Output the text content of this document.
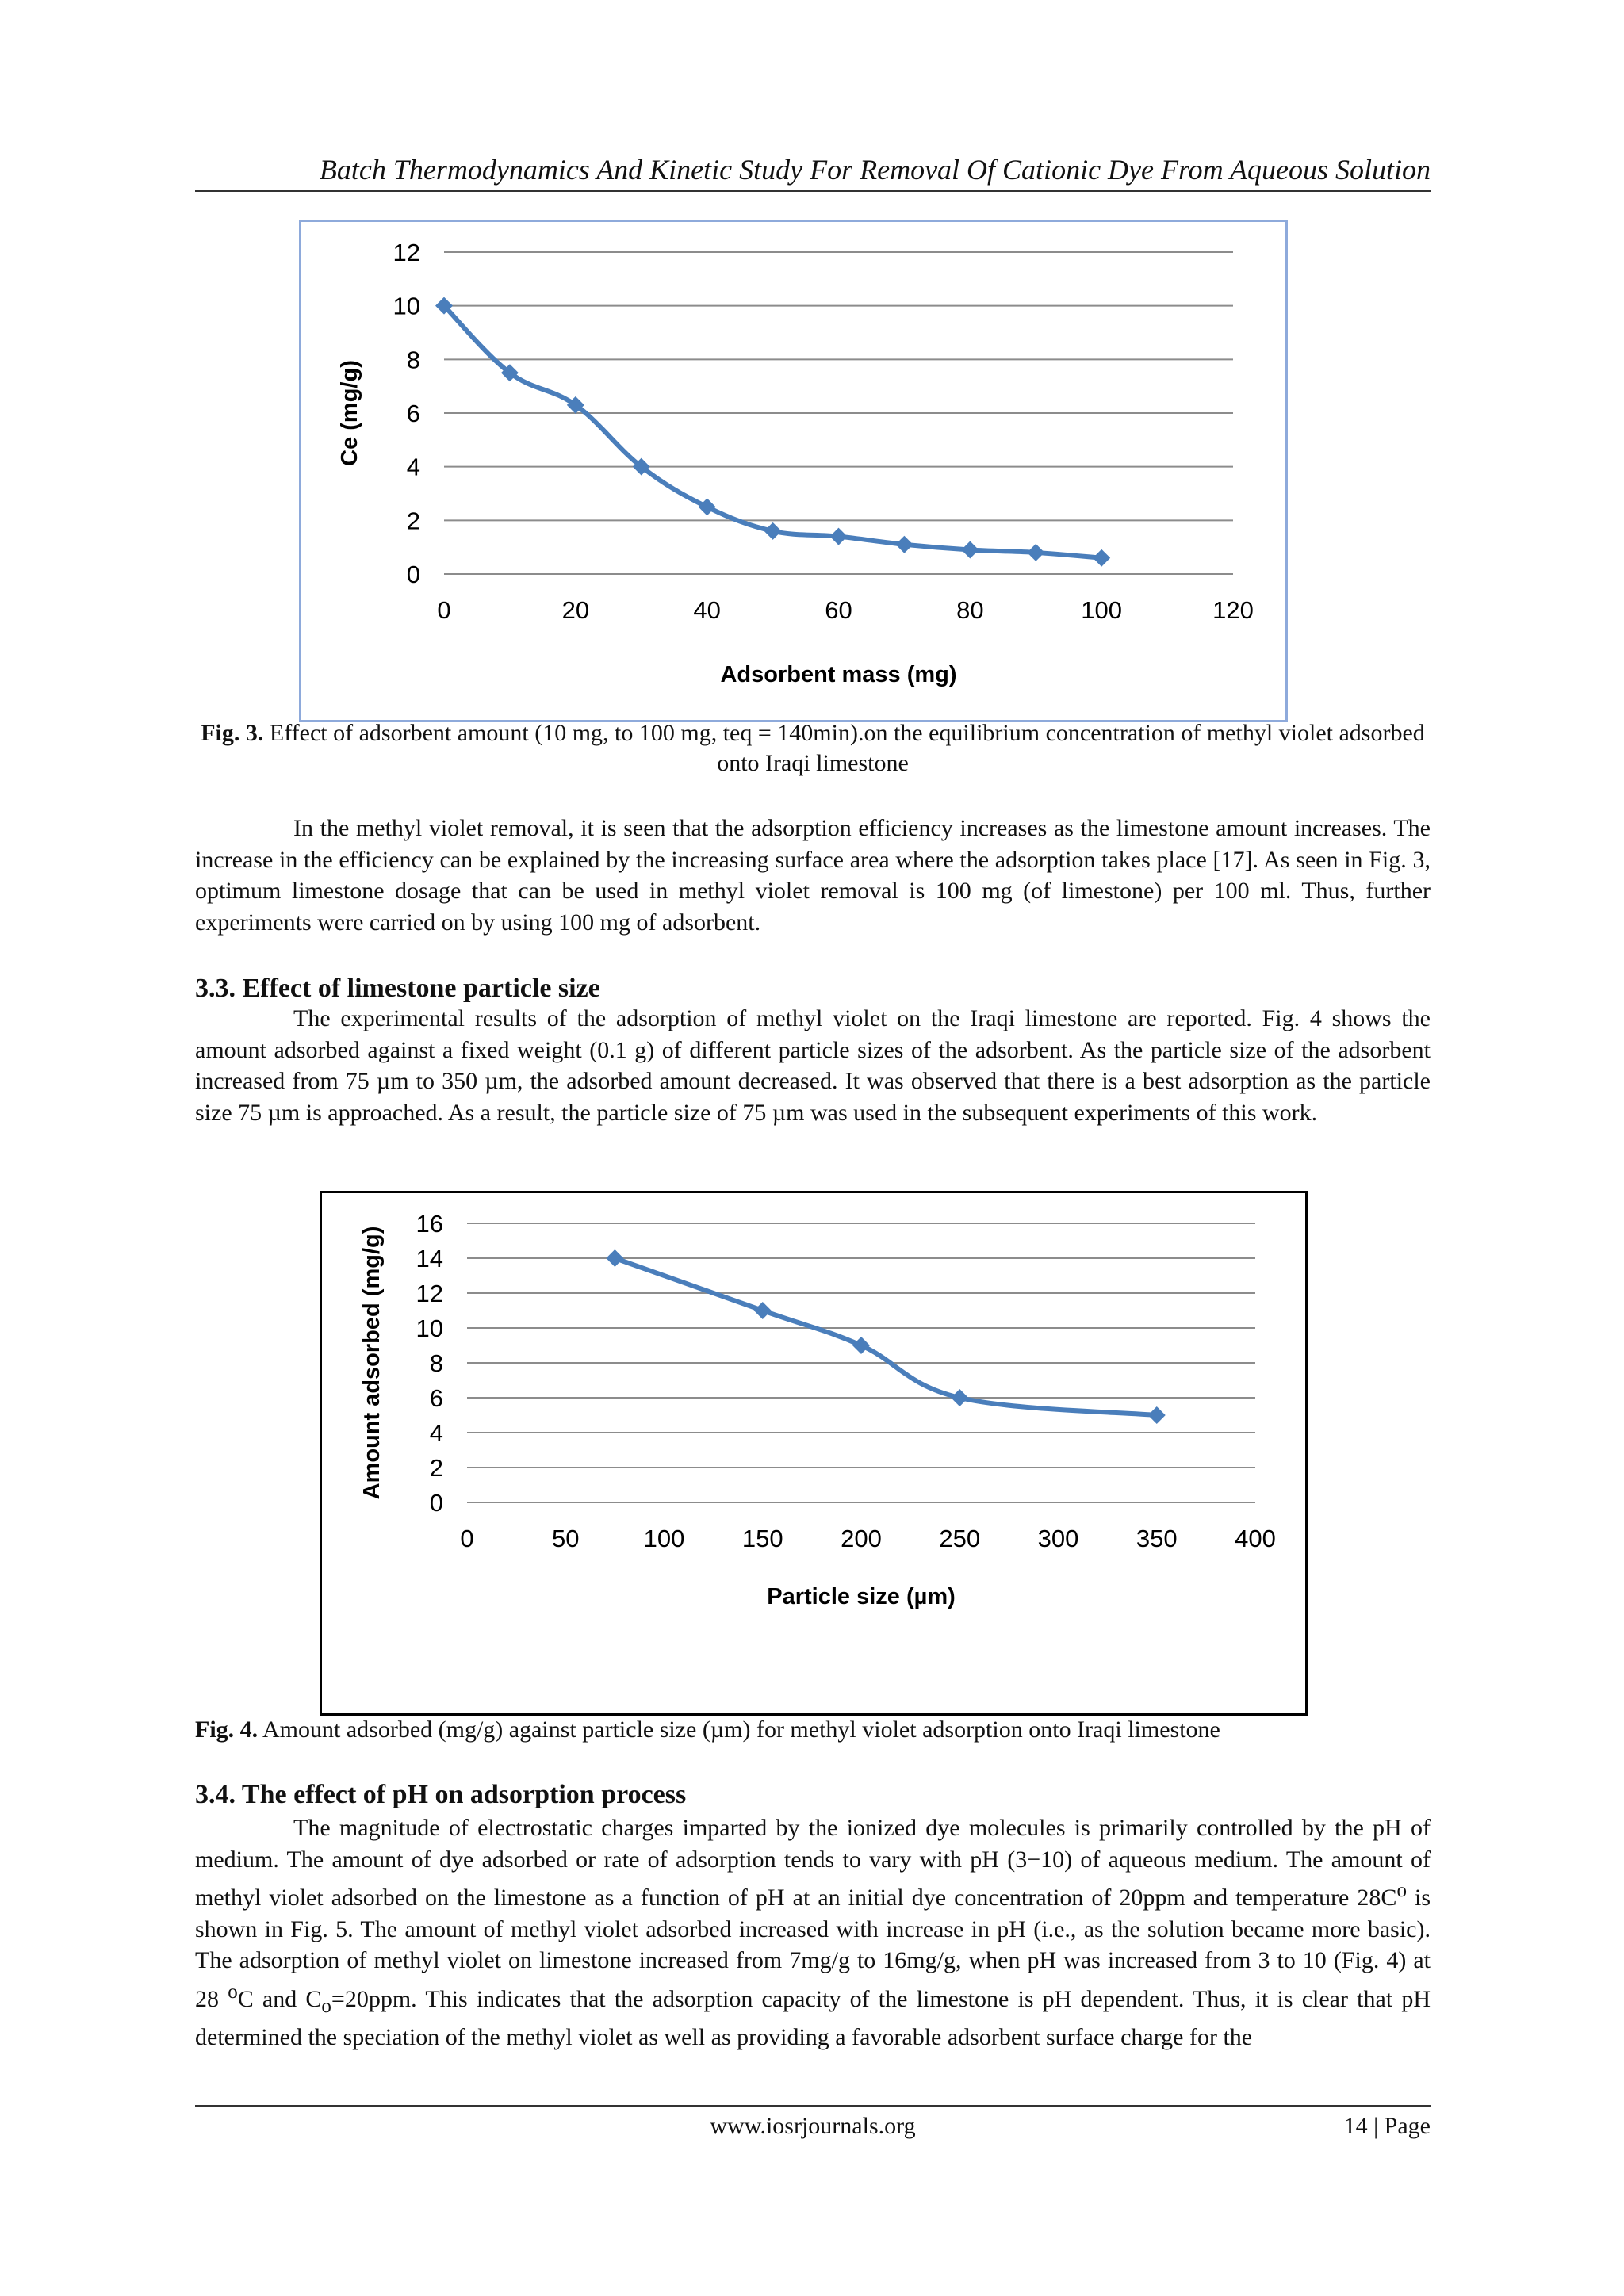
Batch Thermodynamics And Kinetic Study For Removal Of Cationic Dye From Aqueous Solution
0
2
4
6
8
10
12
0	20	40	60	80	100	120
Ce (mg/g)
Adsorbent mass (mg)
Fig. 3. Effect of adsorbent amount (10 mg, to 100 mg, teq = 140min).on the equilibrium concentration of methyl violet adsorbed onto Iraqi limestone

In the methyl violet removal, it is seen that the adsorption efficiency increases as the limestone amount increases. The increase in the efficiency can be explained by the increasing surface area where the adsorption takes place [17]. As seen in Fig. 3, optimum limestone dosage that can be used in methyl violet removal is 100 mg (of limestone) per 100 ml. Thus, further experiments were carried on by using 100 mg of adsorbent.

3.3. Effect of limestone particle size

The experimental results of the adsorption of methyl violet on the Iraqi limestone are reported. Fig. 4 shows the amount adsorbed against a fixed weight (0.1 g) of different particle sizes of the adsorbent. As the particle size of the adsorbent increased from 75 µm to 350 µm, the adsorbed amount decreased. It was observed that there is a best adsorption as the particle size 75 µm is approached. As a result, the particle size of 75 µm was used in the subsequent experiments of this work.

0
2
4
6
8
10
12
14
16
0	50	100 150 200 250 300 350 400
Amount adsorbed (mg/g)
Particle size (µm)
Fig. 4. Amount adsorbed (mg/g) against particle size (µm) for methyl violet adsorption onto Iraqi limestone
3.4. The effect of pH on adsorption process

The magnitude of electrostatic charges imparted by the ionized dye molecules is primarily controlled by the pH of medium. The amount of dye adsorbed or rate of adsorption tends to vary with pH (3−10) of aqueous medium. The amount of methyl violet adsorbed on the limestone as a function of pH at an initial dye concentration of 20ppm and temperature $28C^o$ is shown in Fig. 5. The amount of methyl violet adsorbed increased with increase in pH (i.e., as the solution became more basic). The adsorption of methyl violet on limestone increased from 7mg/g to 16mg/g, when pH was increased from 3 to 10 (Fig. 4) at 28 $^o$C and $C_o=20ppm$. This indicates that the adsorption capacity of the limestone is pH dependent. Thus, it is clear that pH determined the speciation of the methyl violet as well as providing a favorable adsorbent surface charge for the

www.iosrjournals.org	14 | Page
